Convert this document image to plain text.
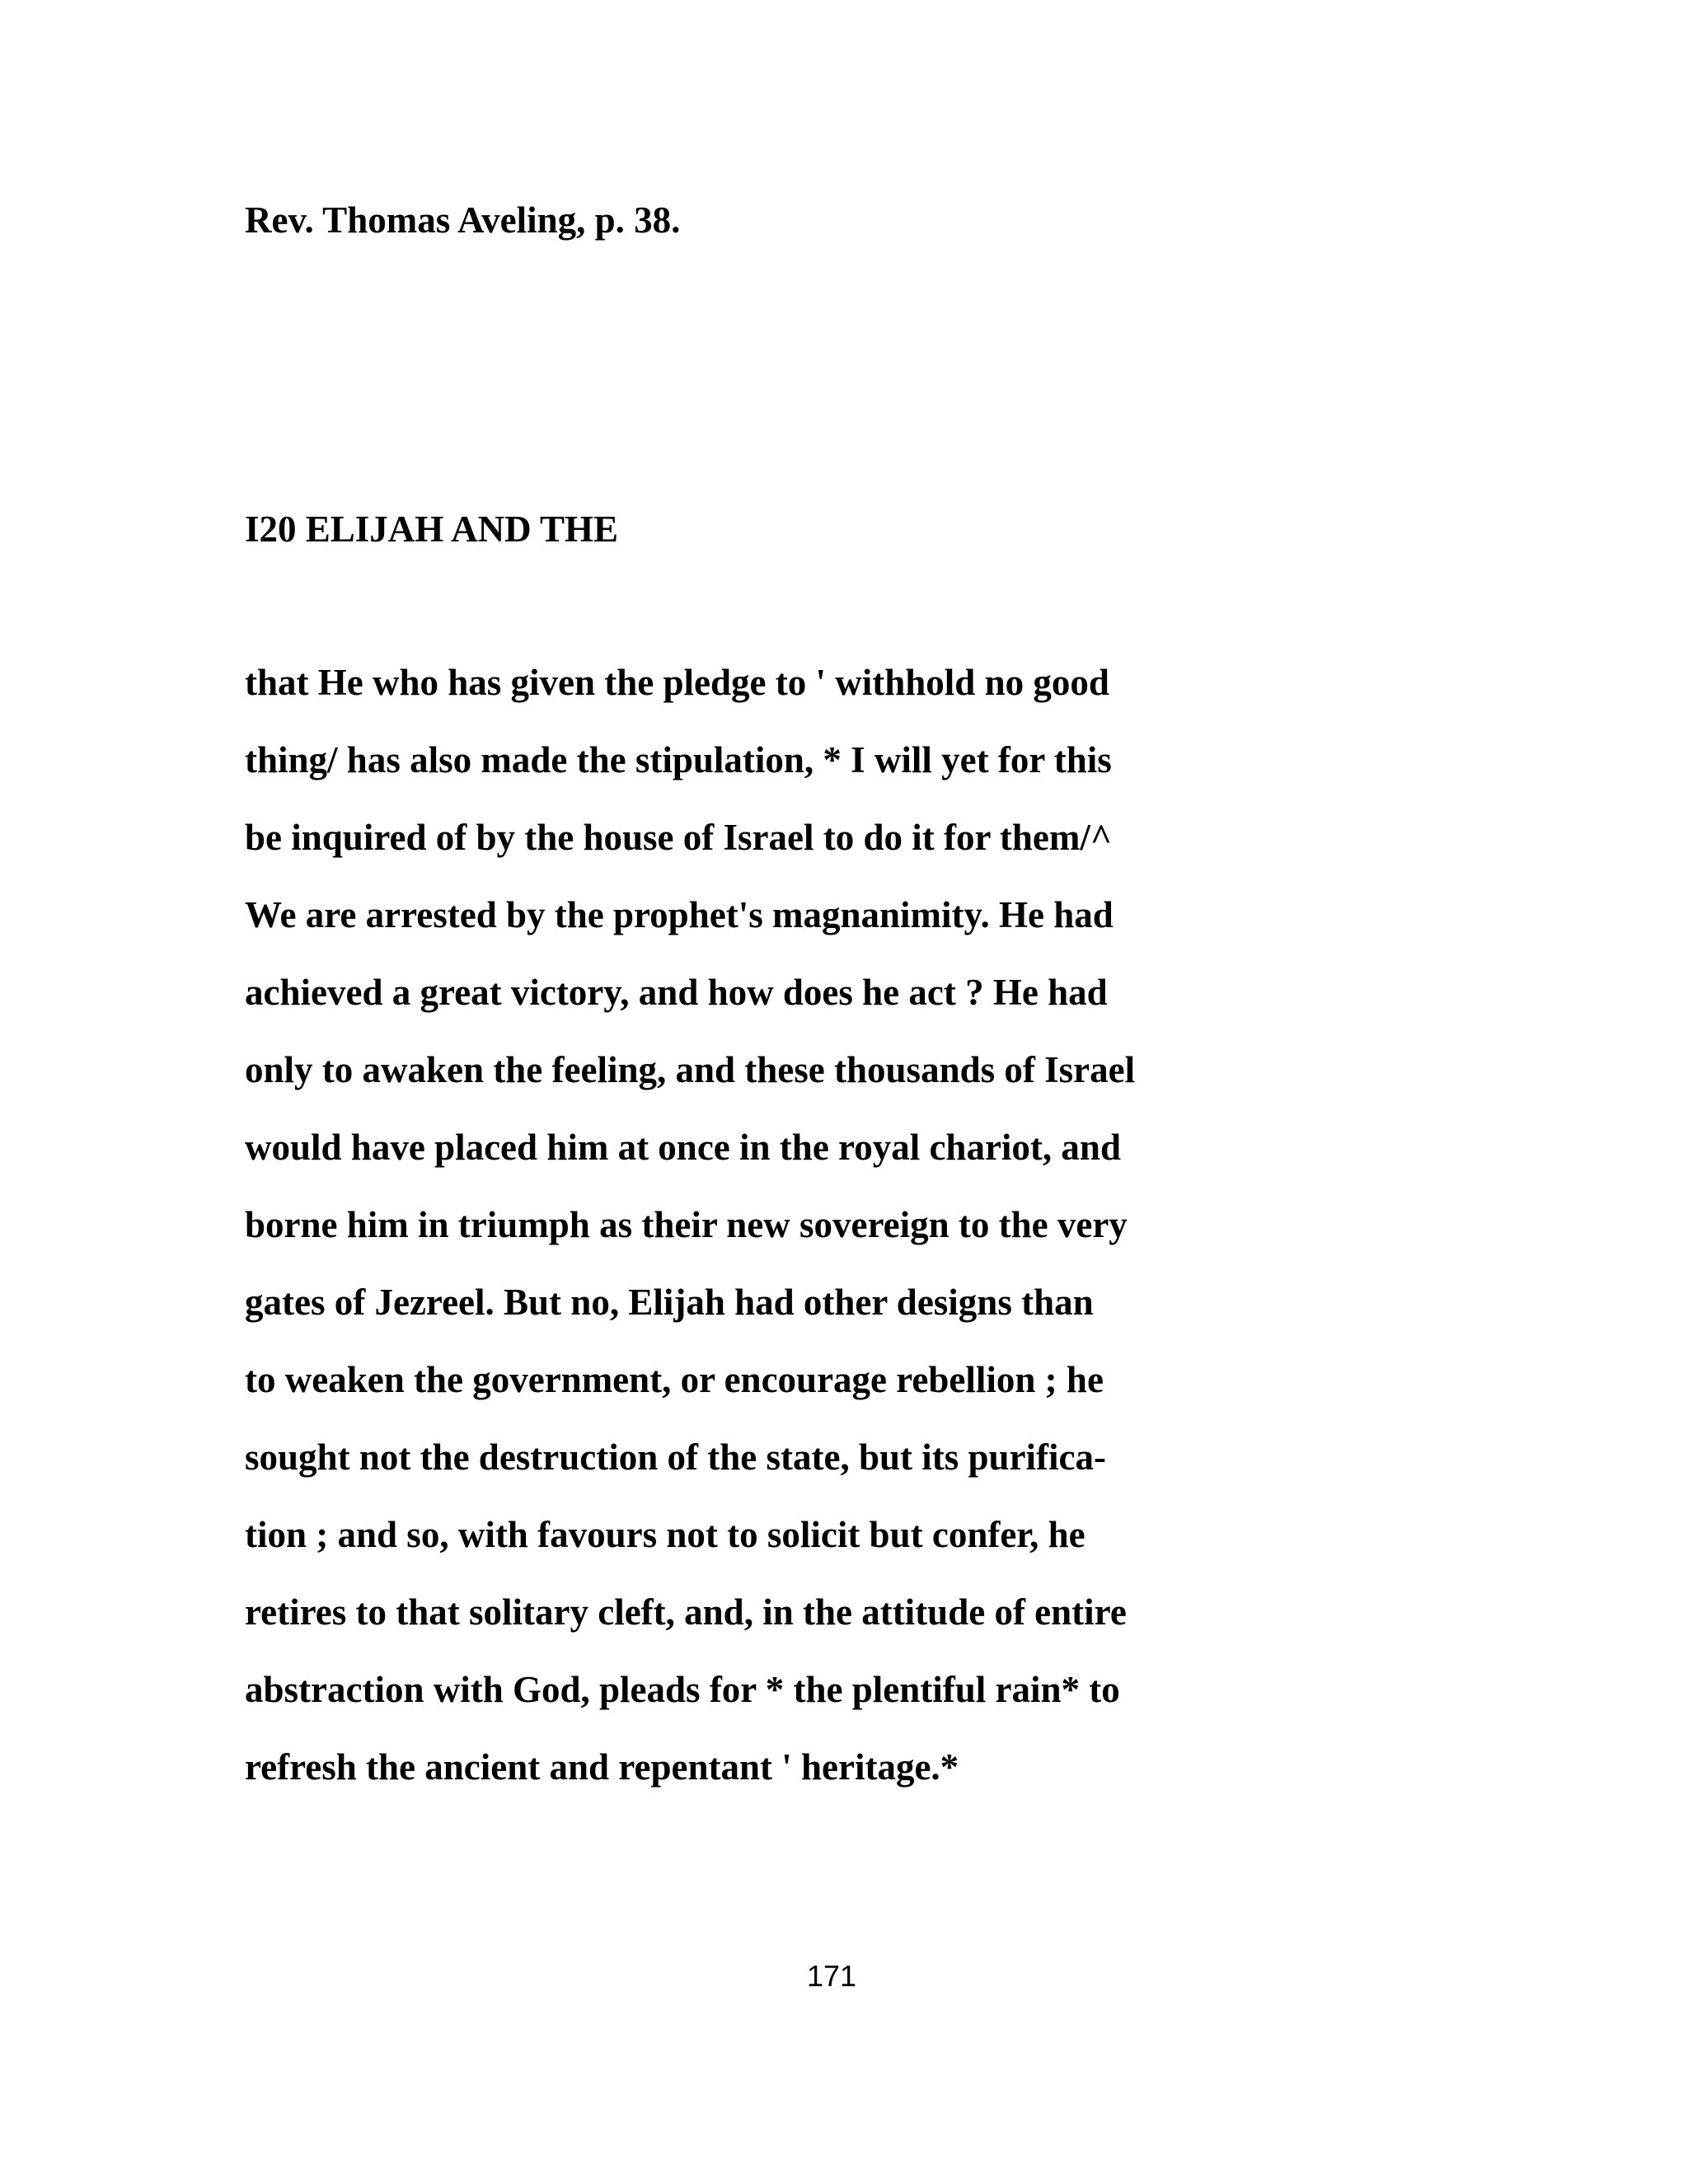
Rev. Thomas Aveling, p. 38.

I20 ELIJAH AND THE

that He who has given the pledge to ' withhold no good
thing/ has also made the stipulation, * I will yet for this
be inquired of by the house of Israel to do it for them/^
We are arrested by the prophet's magnanimity. He had
achieved a great victory, and how does he act ? He had
only to awaken the feeling, and these thousands of Israel
would have placed him at once in the royal chariot, and
borne him in triumph as their new sovereign to the very
gates of Jezreel. But no, Elijah had other designs than
to weaken the government, or encourage rebellion ; he
sought not the destruction of the state, but its purifica-
tion ; and so, with favours not to solicit but confer, he
retires to that solitary cleft, and, in the attitude of entire
abstraction with God, pleads for * the plentiful rain* to
refresh the ancient and repentant ' heritage.*
171
